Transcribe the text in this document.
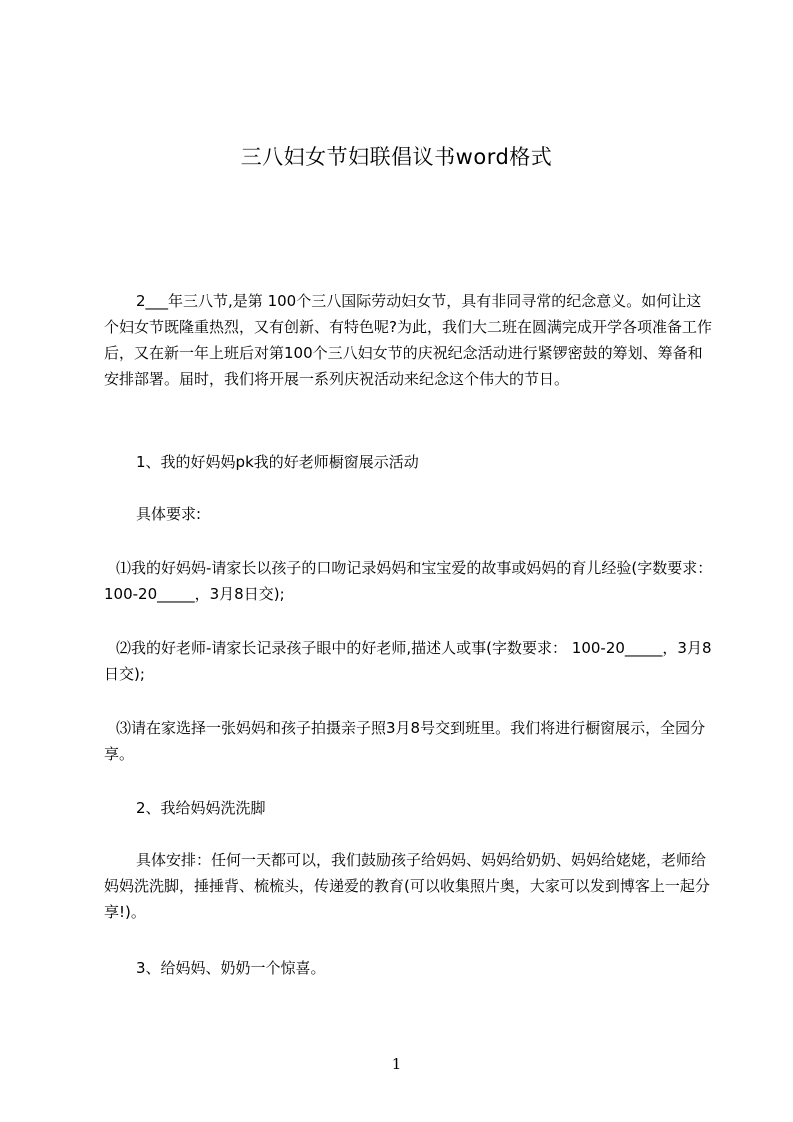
三八妇女节妇联倡议书word格式

2___年三八节,是第 100个三八国际劳动妇女节，具有非同寻常的纪念意义。如何让这个妇女节既隆重热烈，又有创新、有特色呢?为此，我们大二班在圆满完成开学各项准备工作后，又在新一年上班后对第100个三八妇女节的庆祝纪念活动进行紧锣密鼓的筹划、筹备和安排部署。届时，我们将开展一系列庆祝活动来纪念这个伟大的节日。

1、我的好妈妈pk我的好老师橱窗展示活动

具体要求:

⑴我的好妈妈-请家长以孩子的口吻记录妈妈和宝宝爱的故事或妈妈的育儿经验(字数要求：100-20_____，3月8日交);

⑵我的好老师-请家长记录孩子眼中的好老师,描述人或事(字数要求： 100-20_____，3月8日交);

⑶请在家选择一张妈妈和孩子拍摄亲子照3月8号交到班里。我们将进行橱窗展示，全园分享。

2、我给妈妈洗洗脚

具体安排：任何一天都可以，我们鼓励孩子给妈妈、妈妈给奶奶、妈妈给姥姥，老师给妈妈洗洗脚，捶捶背、梳梳头，传递爱的教育(可以收集照片奥，大家可以发到博客上一起分享!)。

3、给妈妈、奶奶一个惊喜。

1
